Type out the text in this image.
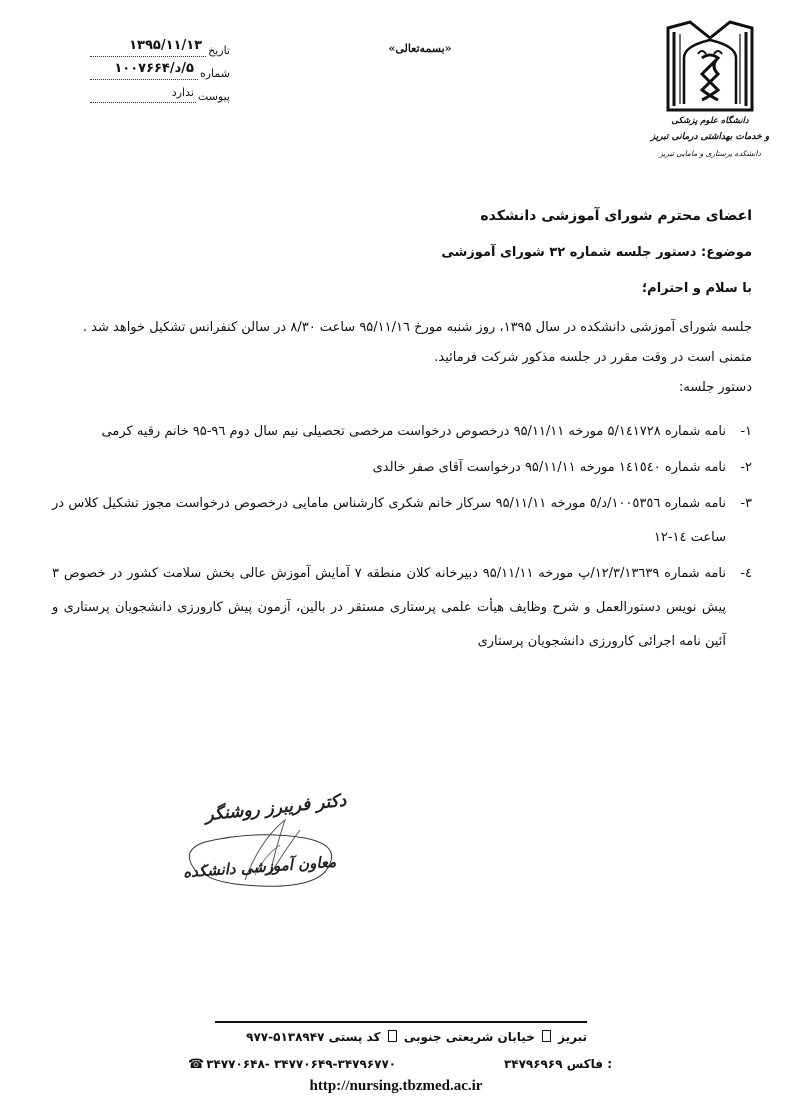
تاریخ
۱۳۹۵/۱۱/۱۳
شماره
۵/د/۱۰۰۷۶۶۴
پیوست
ندارد
«بسمه‌تعالی»
دانشگاه علوم پزشکی
و خدمات بهداشتی درمانی تبریز
دانشکده پرستاری و مامایی تبریز
اعضای محترم شورای آموزشی دانشکده
موضوع: دستور جلسه شماره ۳۲ شورای آموزشی
با سلام و احترام؛
جلسه شورای آموزشی دانشکده در سال ۱۳۹۵، روز شنبه مورخ ۹۵/۱۱/۱٦ ساعت ۸/۳۰ در سالن کنفرانس تشکیل خواهد شد . متمنی است در وقت مقرر در جلسه مذکور شرکت فرمائید.
دستور جلسه:
۱-
نامه شماره ۵/۱٤۱۷۲۸ مورخه ۹۵/۱۱/۱۱ درخصوص درخواست مرخصی تحصیلی نیم سال دوم ۹٦-۹۵ خانم رقیه کرمی
۲-
نامه شماره ۱٤۱٥٤۰ مورخه ۹۵/۱۱/۱۱ درخواست آقای صفر خالدی
۳-
نامه شماره ۱۰۰٥۳٥٦/د/٥ مورخه ۹۵/۱۱/۱۱ سرکار خانم شکری کارشناس مامایی درخصوص درخواست مجوز تشکیل کلاس در ساعت ۱٤-۱۲
٤-
نامه شماره ۱۲/۳/۱۳٦۳۹/پ مورخه ۹۵/۱۱/۱۱ دبیرخانه کلان منطقه ۷ آمایش آموزش عالی بخش سلامت کشور در خصوص ۳ پیش نویس دستورالعمل و شرح وظایف هیأت علمی پرستاری مستقر در بالین، آزمون پیش کارورزی دانشجویان پرستاری و آئین نامه اجرائی کارورزی دانشجویان پرستاری
دکتر فریبرز روشنگر
معاون آموزشی دانشکده
تبریز  خیابان شریعتی جنوبی  کد پستی ۵۱۳۸۹۴۷-۹۷۷
: فاکس ۳۴۷۹۶۹۶۹
☎ ۳۴۷۷۰۶۴۸- ۳۴۷۷۰۶۴۹-۳۴۷۹۶۷۷۰
http://nursing.tbzmed.ac.ir
